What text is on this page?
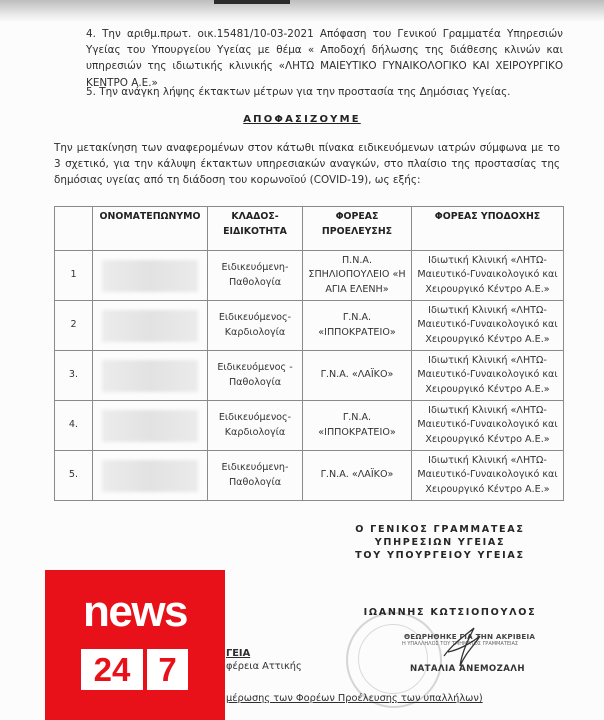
4. Την αριθμ.πρωτ. οικ.15481/10-03-2021 Απόφαση του Γενικού Γραμματέα Υπηρεσιών Υγείας του Υπουργείου Υγείας με θέμα « Αποδοχή δήλωσης της διάθεσης κλινών και υπηρεσιών της ιδιωτικής κλινικής «ΛΗΤΩ ΜΑΙΕΥΤΙΚΟ ΓΥΝΑΙΚΟΛΟΓΙΚΟ ΚΑΙ ΧΕΙΡΟΥΡΓΙΚΟ ΚΕΝΤΡΟ Α.Ε.»
5. Την ανάγκη λήψης έκτακτων μέτρων για την προστασία της Δημόσιας Υγείας.
ΑΠΟΦΑΣΙΖΟΥΜΕ
Την μετακίνηση των αναφερομένων στον κάτωθι πίνακα ειδικευόμενων ιατρών σύμφωνα με το 3 σχετικό, για την κάλυψη έκτακτων υπηρεσιακών αναγκών, στο πλαίσιο της προστασίας της δημόσιας υγείας από τη διάδοση του κορωνοϊού (COVID-19), ως εξής:
	ΟΝΟΜΑΤΕΠΩΝΥΜΟ	ΚΛΑΔΟΣ-ΕΙΔΙΚΟΤΗΤΑ	ΦΟΡΕΑΣ ΠΡΟΕΛΕΥΣΗΣ	ΦΟΡΕΑΣ ΥΠΟΔΟΧΗΣ
1		Ειδικευόμενη-Παθολογία	Π.Ν.Α. ΣΠΗΛΙΟΠΟΥΛΕΙΟ «Η ΑΓΙΑ ΕΛΕΝΗ»	Ιδιωτική Κλινική «ΛΗΤΩ-Μαιευτικό-Γυναικολογικό και Χειρουργικό Κέντρο Α.Ε.»
2		Ειδικευόμενος-Καρδιολογία	Γ.Ν.Α. «ΙΠΠΟΚΡΑΤΕΙΟ»	Ιδιωτική Κλινική «ΛΗΤΩ-Μαιευτικό-Γυναικολογικό και Χειρουργικό Κέντρο Α.Ε.»
3.		Ειδικευόμενος - Παθολογία	Γ.Ν.Α. «ΛΑΪΚΟ»	Ιδιωτική Κλινική «ΛΗΤΩ-Μαιευτικό-Γυναικολογικό και Χειρουργικό Κέντρο Α.Ε.»
4.		Ειδικευόμενος-Καρδιολογία	Γ.Ν.Α. «ΙΠΠΟΚΡΑΤΕΙΟ»	Ιδιωτική Κλινική «ΛΗΤΩ-Μαιευτικό-Γυναικολογικό και Χειρουργικό Κέντρο Α.Ε.»
5.		Ειδικευόμενη-Παθολογία	Γ.Ν.Α. «ΛΑΪΚΟ»	Ιδιωτική Κλινική «ΛΗΤΩ-Μαιευτικό-Γυναικολογικό και Χειρουργικό Κέντρο Α.Ε.»
Ο ΓΕΝΙΚΟΣ ΓΡΑΜΜΑΤΕΑΣ
ΥΠΗΡΕΣΙΩΝ ΥΓΕΙΑΣ
ΤΟΥ ΥΠΟΥΡΓΕΙΟΥ ΥΓΕΙΑΣ
ΙΩΑΝΝΗΣ ΚΩΤΣΙΟΠΟΥΛΟΣ
ΘΕΩΡΗΘΗΚΕ ΓΙΑ ΤΗΝ ΑΚΡΙΒΕΙΑ
Η ΥΠΑΛΛΗΛΟΣ ΤΟΥ ΤΜΗΜΑΤΟΣ ΓΡΑΜΜΑΤΕΙΑΣ
ΝΑΤΑΛΙΑ ΑΝΕΜΟΖΑΛΗ
ΓΕΙΑ
φέρεια Αττικής
μέρωσης των Φορέων Προέλευσης των υπαλλήλων)
news
24 7
